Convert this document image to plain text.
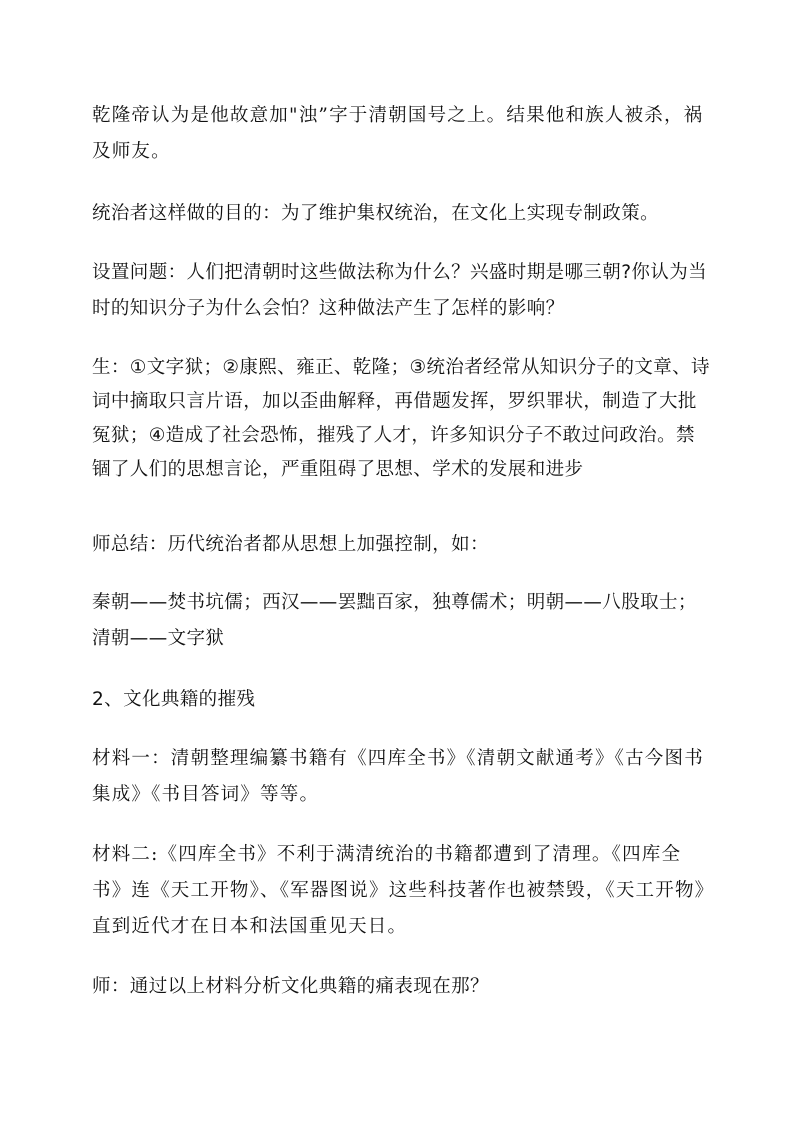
乾隆帝认为是他故意加"浊”字于清朝国号之上。结果他和族人被杀，祸及师友。

统治者这样做的目的：为了维护集权统治，在文化上实现专制政策。

设置问题：人们把清朝时这些做法称为什么？兴盛时期是哪三朝?你认为当时的知识分子为什么会怕？这种做法产生了怎样的影响？

生：①文字狱；②康熙、雍正、乾隆；③统治者经常从知识分子的文章、诗词中摘取只言片语，加以歪曲解释，再借题发挥，罗织罪状，制造了大批冤狱；④造成了社会恐怖，摧残了人才，许多知识分子不敢过问政治。禁锢了人们的思想言论，严重阻碍了思想、学术的发展和进步

师总结：历代统治者都从思想上加强控制，如：

秦朝——焚书坑儒；西汉——罢黜百家，独尊儒术；明朝——八股取士；清朝——文字狱

2、文化典籍的摧残

材料一：清朝整理编纂书籍有《四库全书》《清朝文献通考》《古今图书集成》《书目答词》等等。

材料二:《四库全书》不利于满清统治的书籍都遭到了清理。《四库全书》连《天工开物》、《军器图说》这些科技著作也被禁毁，《天工开物》直到近代才在日本和法国重见天日。

师：通过以上材料分析文化典籍的痛表现在那？
